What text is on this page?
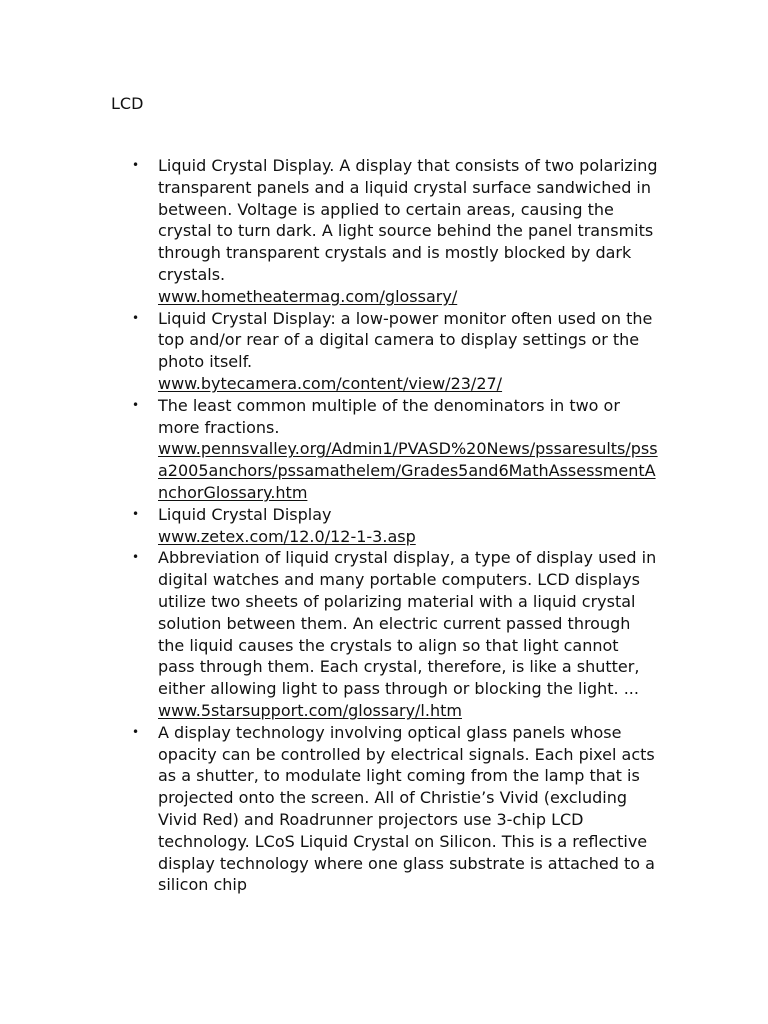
LCD
• Liquid Crystal Display. A display that consists of two polarizing transparent panels and a liquid crystal surface sandwiched in between. Voltage is applied to certain areas, causing the crystal to turn dark. A light source behind the panel transmits through transparent crystals and is mostly blocked by dark crystals.
www.hometheatermag.com/glossary/
• Liquid Crystal Display: a low-power monitor often used on the top and/or rear of a digital camera to display settings or the photo itself.
www.bytecamera.com/content/view/23/27/
• The least common multiple of the denominators in two or more fractions.
www.pennsvalley.org/Admin1/PVASD%20News/pssaresults/pssa2005anchors/pssamathelem/Grades5and6MathAssessmentAnchorGlossary.htm
• Liquid Crystal Display
www.zetex.com/12.0/12-1-3.asp
• Abbreviation of liquid crystal display, a type of display used in digital watches and many portable computers. LCD displays utilize two sheets of polarizing material with a liquid crystal solution between them. An electric current passed through the liquid causes the crystals to align so that light cannot pass through them. Each crystal, therefore, is like a shutter, either allowing light to pass through or blocking the light. ...
www.5starsupport.com/glossary/l.htm
• A display technology involving optical glass panels whose opacity can be controlled by electrical signals. Each pixel acts as a shutter, to modulate light coming from the lamp that is projected onto the screen. All of Christie’s Vivid (excluding Vivid Red) and Roadrunner projectors use 3-chip LCD technology. LCoS Liquid Crystal on Silicon. This is a reflective display technology where one glass substrate is attached to a silicon chip
